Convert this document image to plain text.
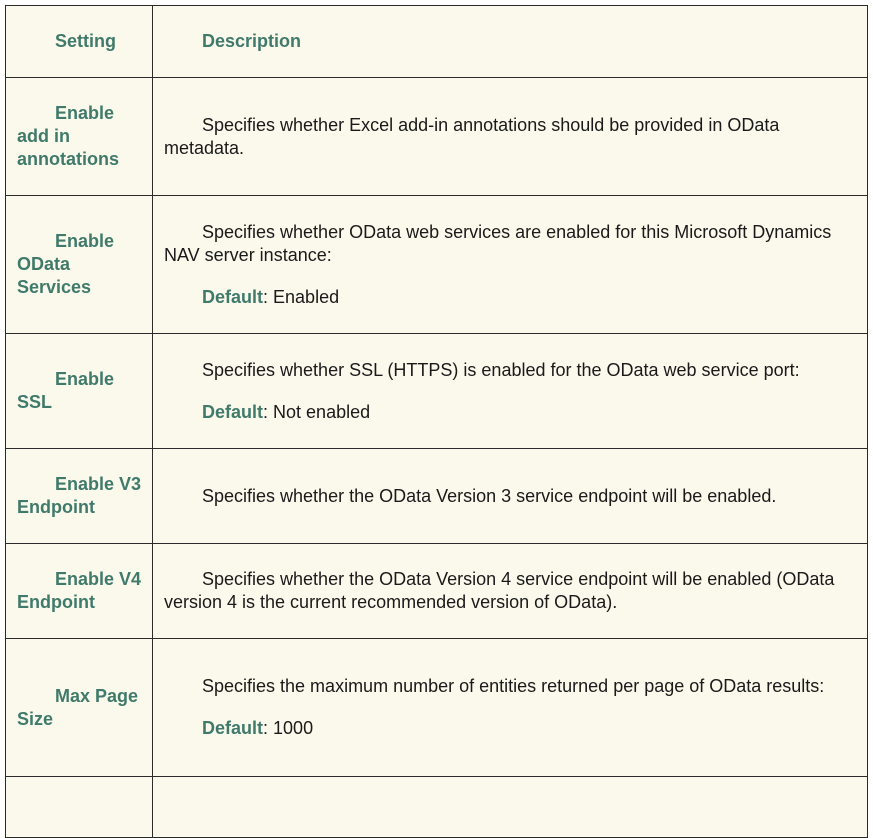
Setting	Description

Enable add in annotations	Specifies whether Excel add-in annotations should be provided in OData metadata.

Enable OData Services	Specifies whether OData web services are enabled for this Microsoft Dynamics NAV server instance:

Default: Enabled

Enable SSL	Specifies whether SSL (HTTPS) is enabled for the OData web service port:

Default: Not enabled

Enable V3 Endpoint	Specifies whether the OData Version 3 service endpoint will be enabled.

Enable V4 Endpoint	Specifies whether the OData Version 4 service endpoint will be enabled (OData version 4 is the current recommended version of OData).

Max Page Size	Specifies the maximum number of entities returned per page of OData results:

Default: 1000
